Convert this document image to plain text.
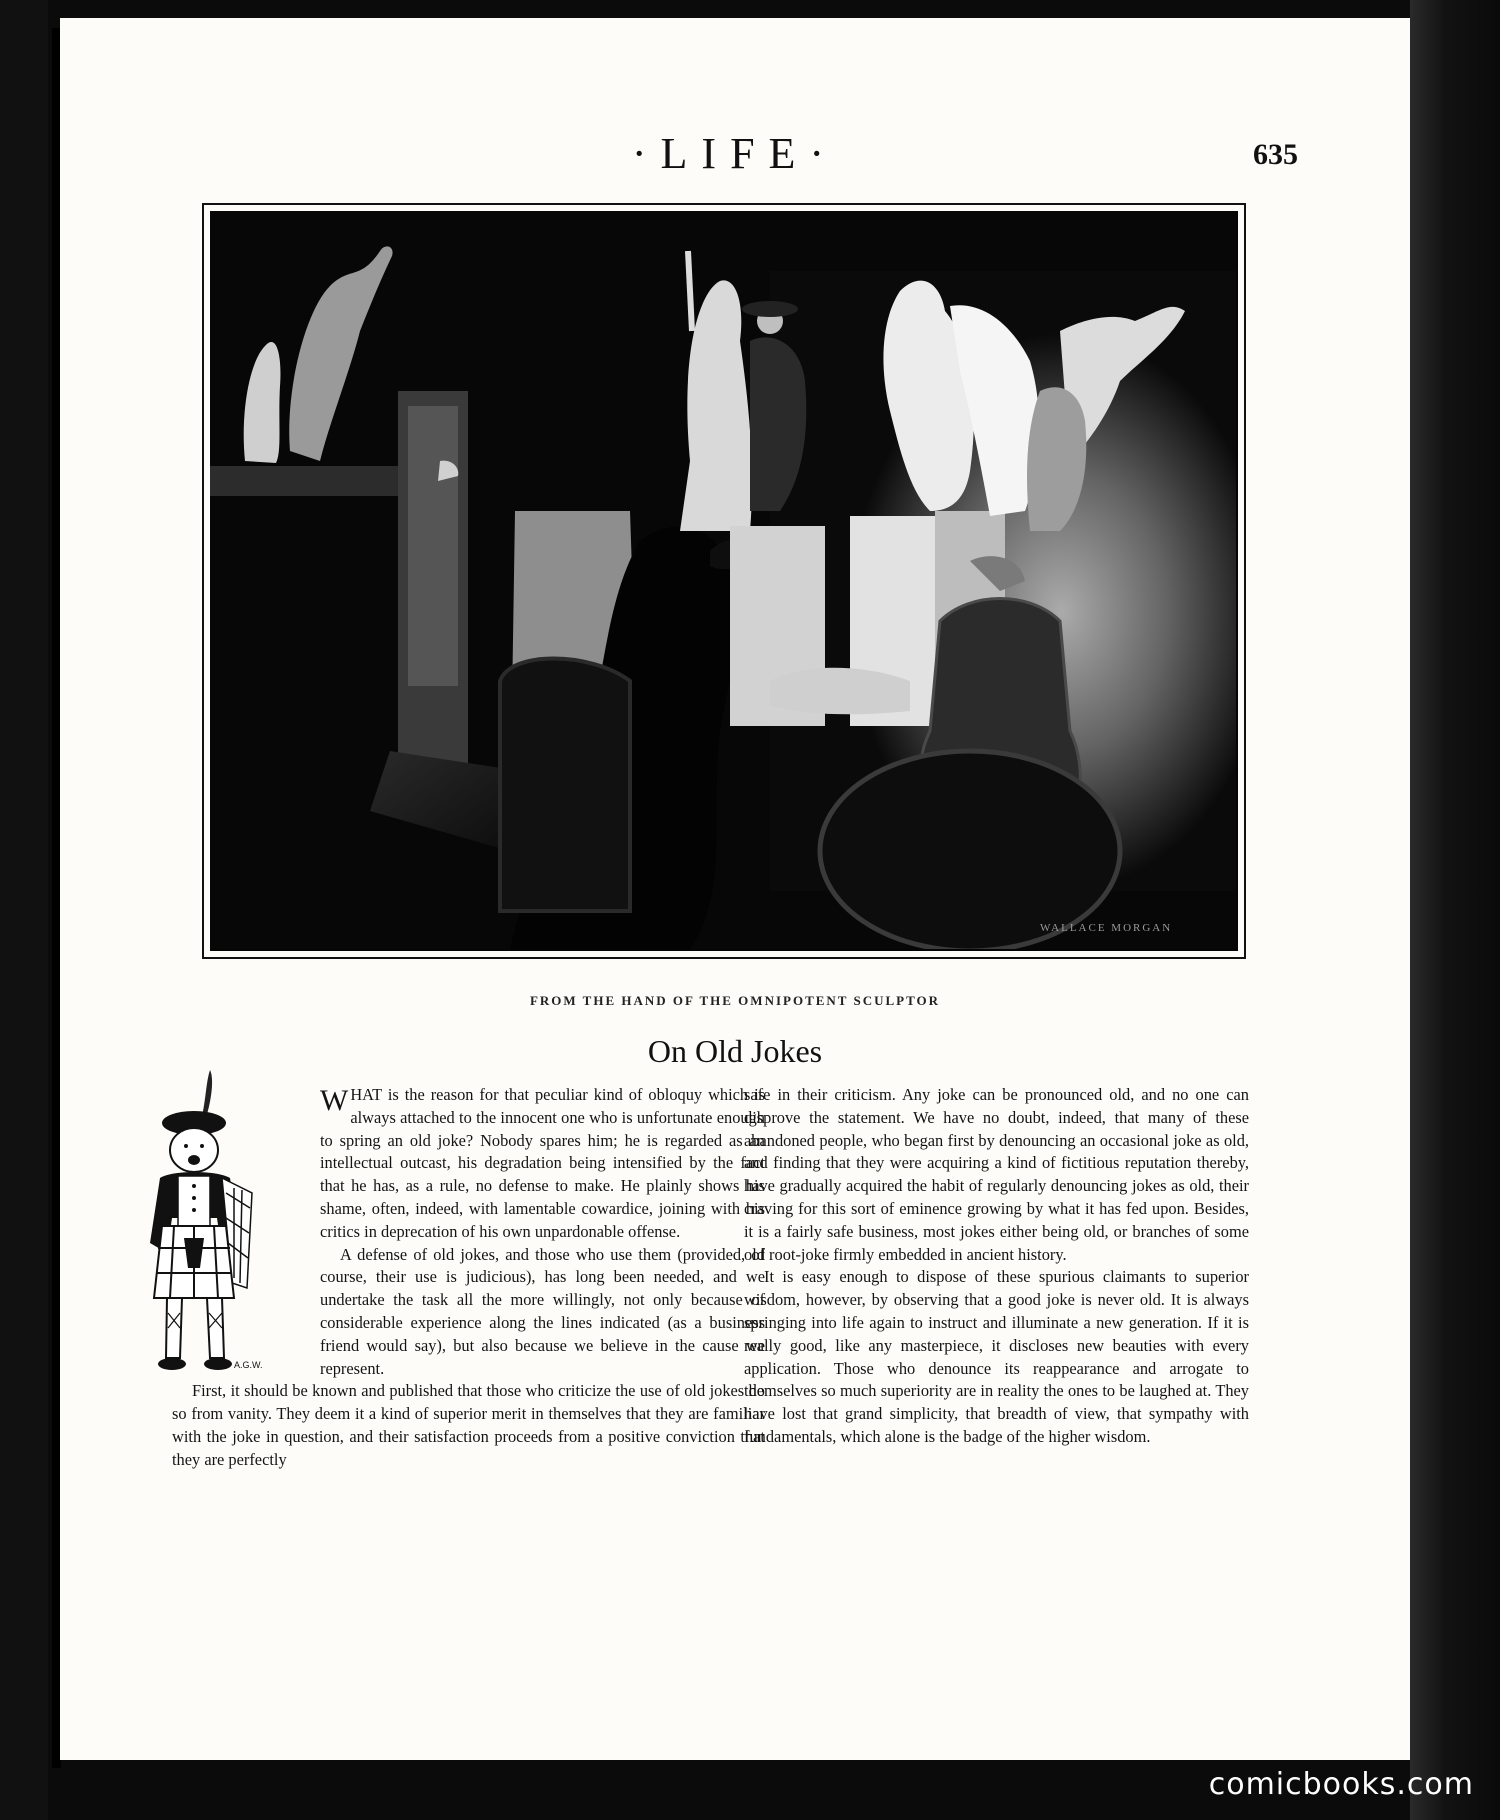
·LIFE·	635
WALLACE MORGAN
FROM THE HAND OF THE OMNIPOTENT SCULPTOR
On Old Jokes
A.G.W.

WHAT is the reason for that peculiar kind of obloquy which is always attached to the innocent one who is unfortunate enough to spring an old joke? Nobody spares him; he is regarded as an intellectual outcast, his degradation being intensified by the fact that he has, as a rule, no defense to make. He plainly shows his shame, often, indeed, with lamentable cowardice, joining with his critics in deprecation of his own unpardonable offense.

A defense of old jokes, and those who use them (provided, of course, their use is judicious), has long been needed, and we undertake the task all the more willingly, not only because of considerable experience along the lines indicated (as a business friend would say), but also because we believe in the cause we represent.

First, it should be known and published that those who criticize the use of old jokes do so from vanity. They deem it a kind of superior merit in themselves that they are familiar with the joke in question, and their satisfaction proceeds from a positive conviction that they are perfectly

safe in their criticism. Any joke can be pronounced old, and no one can disprove the statement. We have no doubt, indeed, that many of these abandoned people, who began first by denouncing an occasional joke as old, and finding that they were acquiring a kind of fictitious reputation thereby, have gradually acquired the habit of regularly denouncing jokes as old, their craving for this sort of eminence growing by what it has fed upon. Besides, it is a fairly safe business, most jokes either being old, or branches of some old root-joke firmly embedded in ancient history.

It is easy enough to dispose of these spurious claimants to superior wisdom, however, by observing that a good joke is never old. It is always springing into life again to instruct and illuminate a new generation. If it is really good, like any masterpiece, it discloses new beauties with every application. Those who denounce its reappearance and arrogate to themselves so much superiority are in reality the ones to be laughed at. They have lost that grand simplicity, that breadth of view, that sympathy with fundamentals, which alone is the badge of the higher wisdom.

comicbooks.com
